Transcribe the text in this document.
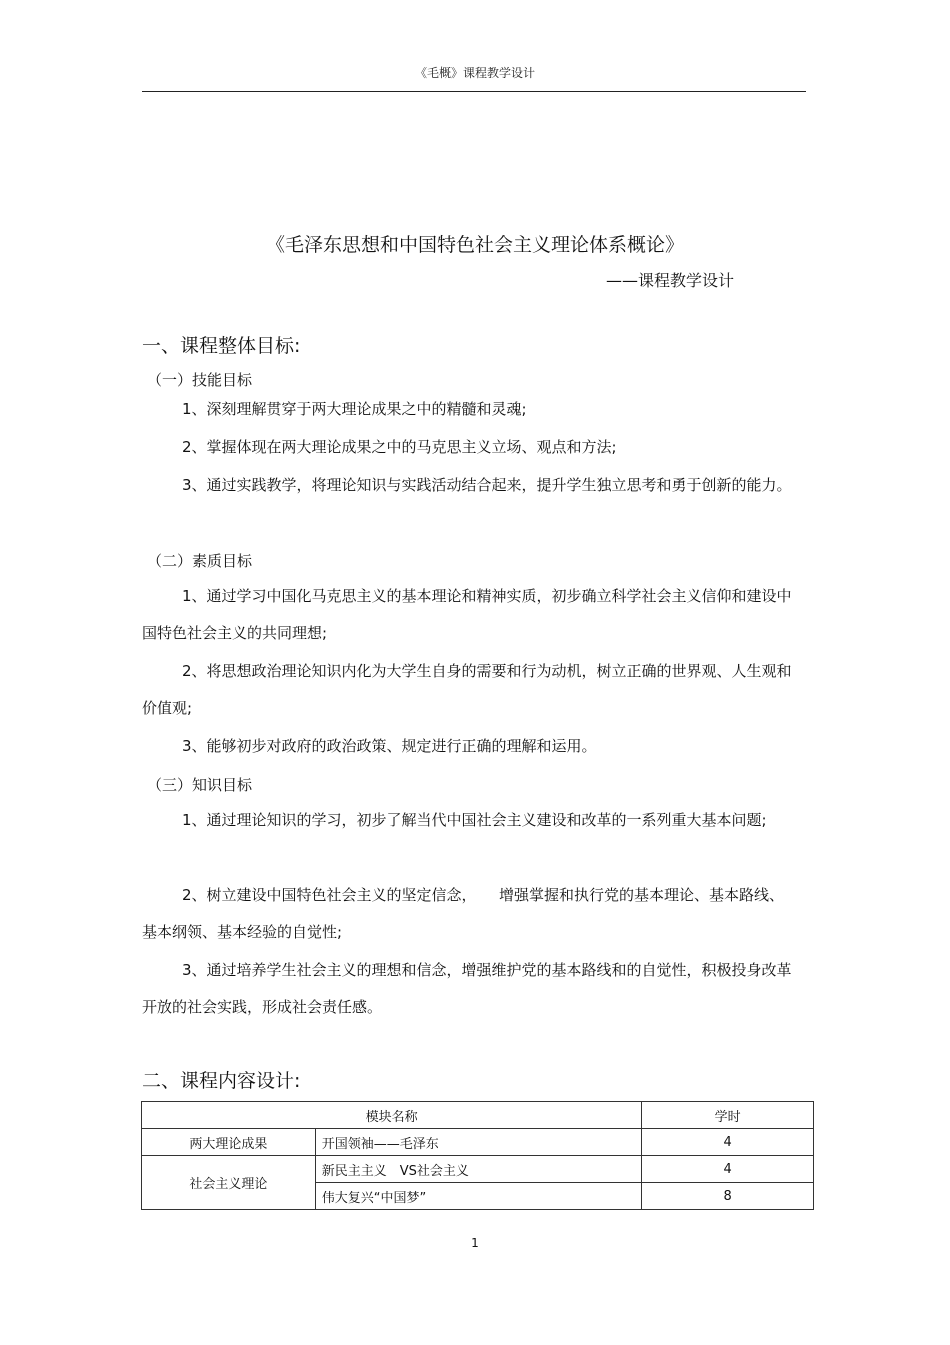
《毛概》课程教学设计
《毛泽东思想和中国特色社会主义理论体系概论》
——课程教学设计
一、课程整体目标:
（一）技能目标

1、深刻理解贯穿于两大理论成果之中的精髓和灵魂;

2、掌握体现在两大理论成果之中的马克思主义立场、观点和方法;

3、通过实践教学，将理论知识与实践活动结合起来，提升学生独立思考和勇于创新的能力。

（二）素质目标

1、通过学习中国化马克思主义的基本理论和精神实质，初步确立科学社会主义信仰和建设中国特色社会主义的共同理想;

2、将思想政治理论知识内化为大学生自身的需要和行为动机，树立正确的世界观、人生观和价值观;

3、能够初步对政府的政治政策、规定进行正确的理解和运用。

（三）知识目标

1、通过理论知识的学习，初步了解当代中国社会主义建设和改革的一系列重大基本问题;

2、树立建设中国特色社会主义的坚定信念，　　增强掌握和执行党的基本理论、基本路线、基本纲领、基本经验的自觉性;

3、通过培养学生社会主义的理想和信念，增强维护党的基本路线和的自觉性，积极投身改革开放的社会实践，形成社会责任感。

二、课程内容设计:
模块名称		学时
两大理论成果	开国领袖——毛泽东	4
社会主义理论	新民主主义　VS社会主义	4
	伟大复兴“中国梦”	8
1
